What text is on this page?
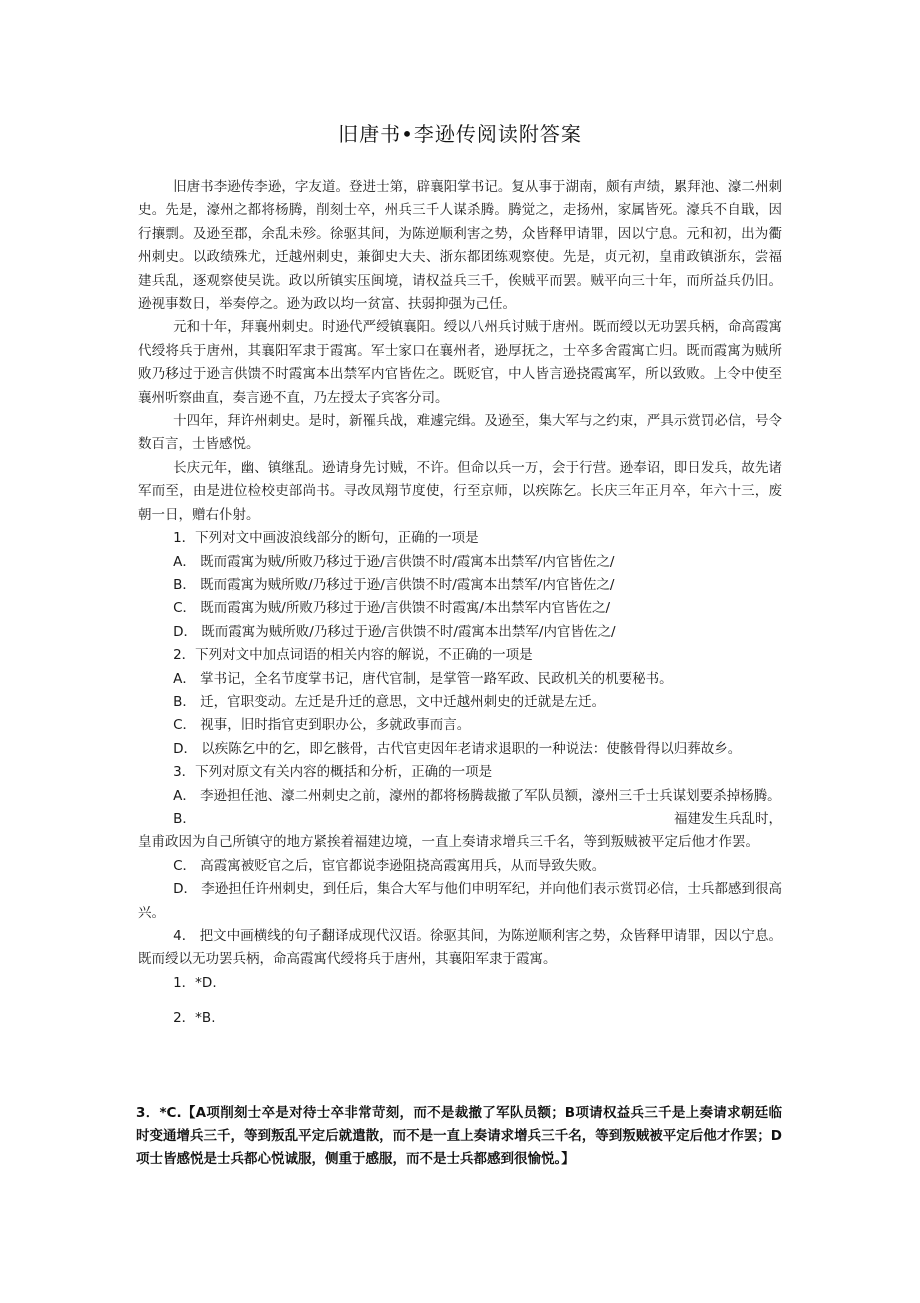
旧唐书•李逊传阅读附答案

旧唐书李逊传李逊，字友道。登进士第，辟襄阳掌书记。复从事于湖南，颇有声绩，累拜池、濠二州刺史。先是，濠州之都将杨腾，削刻士卒，州兵三千人谋杀腾。腾觉之，走扬州，家属皆死。濠兵不自戢，因行攘剽。及逊至郡，余乱未殄。徐驱其间，为陈逆顺利害之势，众皆释甲请罪，因以宁息。元和初，出为衢州刺史。以政绩殊尤，迁越州刺史，兼御史大夫、浙东都团练观察使。先是，贞元初，皇甫政镇浙东，尝福建兵乱，逐观察使吴诜。政以所镇实压闽境，请权益兵三千，俟贼平而罢。贼平向三十年，而所益兵仍旧。逊视事数日，举奏停之。逊为政以均一贫富、扶弱抑强为己任。

元和十年，拜襄州刺史。时逊代严绶镇襄阳。绶以八州兵讨贼于唐州。既而绶以无功罢兵柄，命高霞寓代绶将兵于唐州，其襄阳军隶于霞寓。军士家口在襄州者，逊厚抚之，士卒多舍霞寓亡归。既而霞寓为贼所败乃移过于逊言供馈不时霞寓本出禁军内官皆佐之。既贬官，中人皆言逊挠霞寓军，所以致败。上令中使至襄州听察曲直，奏言逊不直，乃左授太子宾客分司。

十四年，拜许州刺史。是时，新罹兵战，难遽完缉。及逊至，集大军与之约束，严具示赏罚必信，号令数百言，士皆感悦。

长庆元年，幽、镇继乱。逊请身先讨贼，不许。但命以兵一万，会于行营。逊奉诏，即日发兵，故先诸军而至，由是进位检校吏部尚书。寻改凤翔节度使，行至京师，以疾陈乞。长庆三年正月卒，年六十三，废朝一日，赠右仆射。

1．下列对文中画波浪线部分的断句，正确的一项是

A． 既而霞寓为贼/所败乃移过于逊/言供馈不时/霞寓本出禁军/内官皆佐之/

B． 既而霞寓为贼所败/乃移过于逊/言供馈不时/霞寓本出禁军/内官皆佐之/

C． 既而霞寓为贼/所败乃移过于逊/言供馈不时霞寓/本出禁军内官皆佐之/

D． 既而霞寓为贼所败/乃移过于逊/言供馈不时/霞寓本出禁军/内官皆佐之/

2．下列对文中加点词语的相关内容的解说，不正确的一项是

A． 掌书记，全名节度掌书记，唐代官制，是掌管一路军政、民政机关的机要秘书。

B． 迁，官职变动。左迁是升迁的意思，文中迁越州刺史的迁就是左迁。

C． 视事，旧时指官吏到职办公，多就政事而言。

D． 以疾陈乞中的乞，即乞骸骨，古代官吏因年老请求退职的一种说法：使骸骨得以归葬故乡。

3．下列对原文有关内容的概括和分析，正确的一项是

A． 李逊担任池、濠二州刺史之前，濠州的都将杨腾裁撤了军队员额，濠州三千士兵谋划要杀掉杨腾。

B．	福建发生兵乱时，

皇甫政因为自己所镇守的地方紧挨着福建边境，一直上奏请求增兵三千名，等到叛贼被平定后他才作罢。

C． 高霞寓被贬官之后，宦官都说李逊阻挠高霞寓用兵，从而导致失败。

D． 李逊担任许州刺史，到任后，集合大军与他们申明军纪，并向他们表示赏罚必信，士兵都感到很高兴。

4． 把文中画横线的句子翻译成现代汉语。徐驱其间，为陈逆顺利害之势，众皆释甲请罪，因以宁息。既而绶以无功罢兵柄，命高霞寓代绶将兵于唐州，其襄阳军隶于霞寓。

1．*D.

2．*B.

3．*C.【A项削刻士卒是对待士卒非常苛刻，而不是裁撤了军队员额；B项请权益兵三千是上奏请求朝廷临时变通增兵三千，等到叛乱平定后就遣散，而不是一直上奏请求增兵三千名，等到叛贼被平定后他才作罢；D项士皆感悦是士兵都心悦诚服，侧重于感服，而不是士兵都感到很愉悦。】
